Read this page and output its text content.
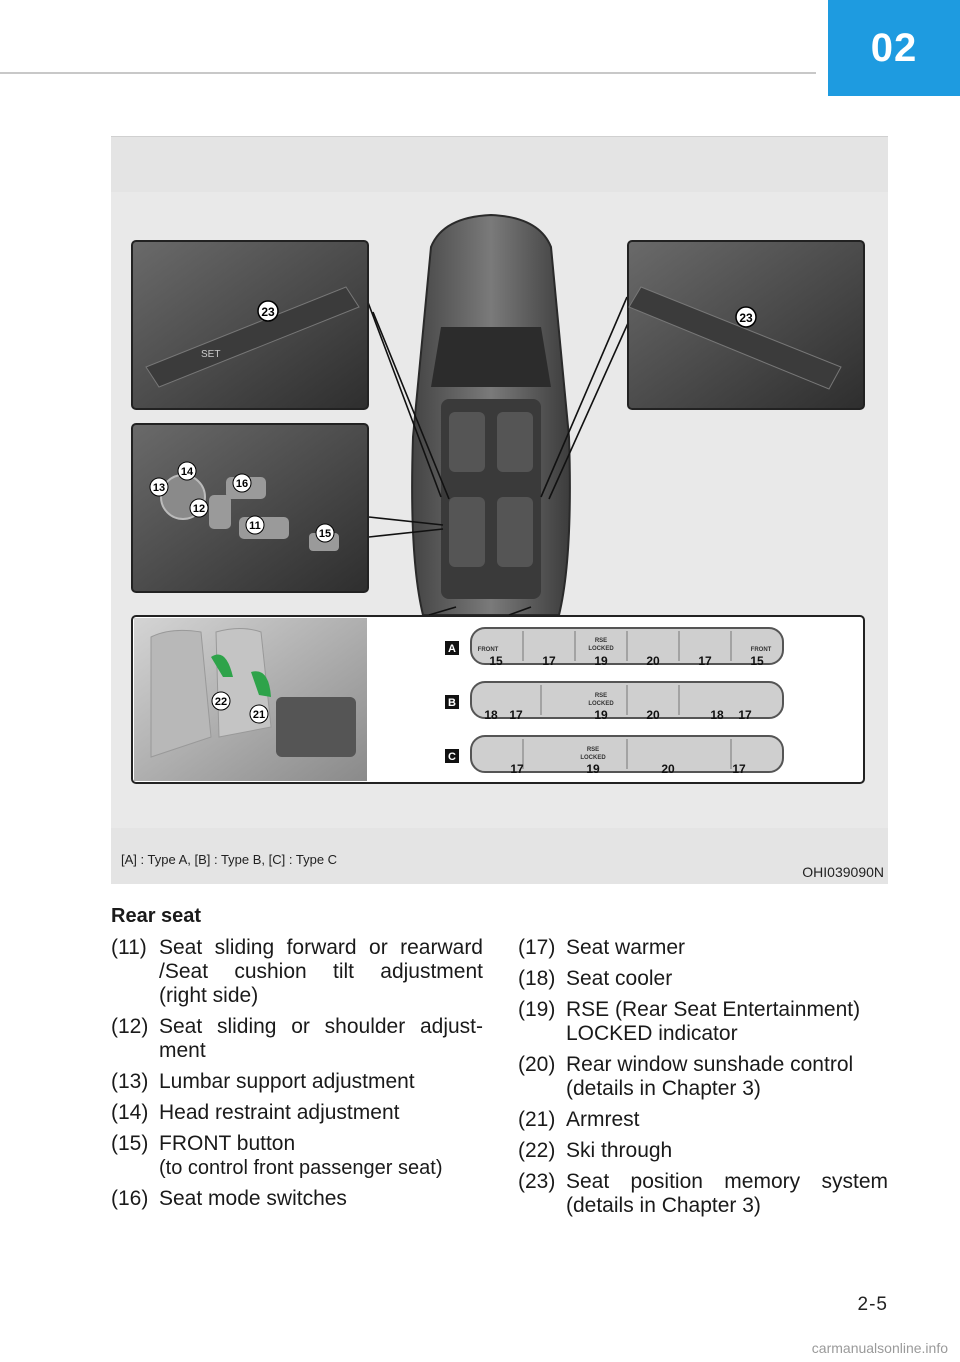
02
SET
23	23
13
14
16
12
11
15
22
21
A
B
C
FRONT
RSE
LOCKED	FRONT
15	17	19	20	17	15
RSE
LOCKED
18 17	19	20	18 17
RSE
LOCKED
17	19	20	17
[A] : Type A, [B] : Type B, [C] : Type C
OHI039090N
Rear seat
(11) Seat sliding forward or rearward
/Seat cushion tilt adjustment
(right side)
(12) Seat sliding or shoulder adjust-
ment
(13) Lumbar support adjustment
(14) Head restraint adjustment
(15) FRONT button
(to control front passenger seat)
(16) Seat mode switches
(17) Seat warmer
(18) Seat cooler
(19) RSE (Rear Seat Entertainment)
LOCKED indicator
(20) Rear window sunshade control
(details in Chapter 3)
(21) Armrest
(22) Ski through
(23) Seat position memory system
(details in Chapter 3)
2-5
carmanualsonline.info
